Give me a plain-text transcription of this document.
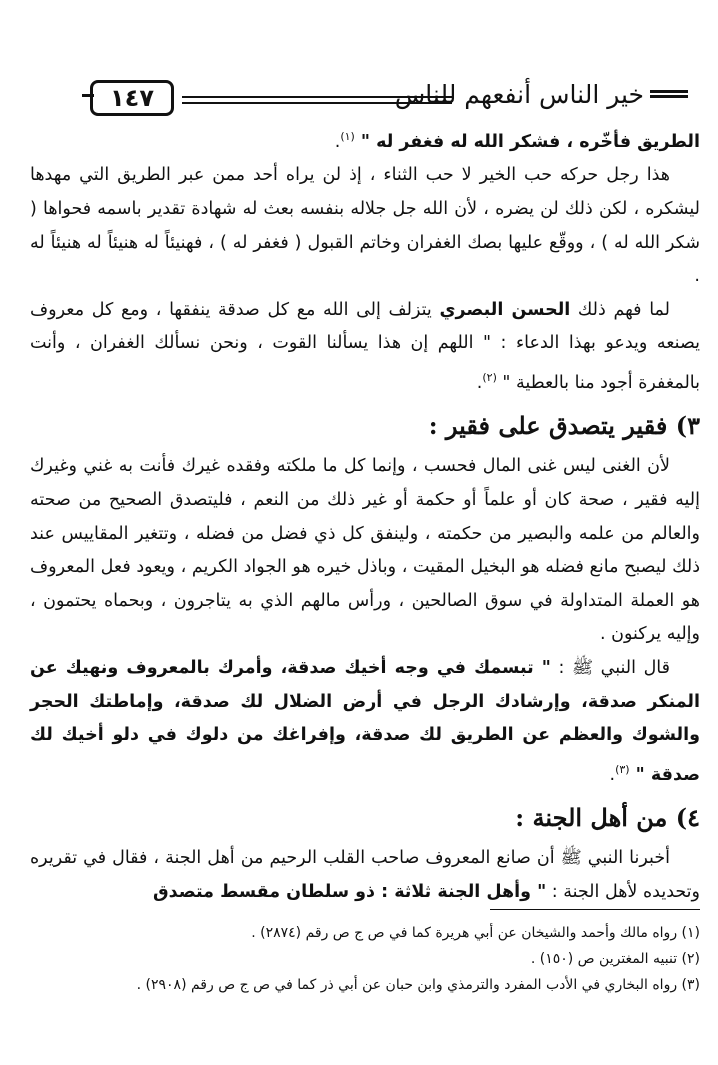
خير الناس أنفعهم للناس
١٤٧

الطريق فأخّره ، فشكر الله له فغفر له " $^{(١)}$.

هذا رجل حركه حب الخير لا حب الثناء ، إذ لن يراه أحد ممن عبر الطريق التي مهدها ليشكره ، لكن ذلك لن يضره ، لأن الله جل جلاله بنفسه بعث له شهادة تقدير باسمه فحواها ( شكر الله له ) ، ووقّع عليها بصك الغفران وخاتم القبول ( فغفر له ) ، فهنيئاً له هنيئاً له هنيئاً له .

لما فهم ذلك الحسن البصري يتزلف إلى الله مع كل صدقة ينفقها ، ومع كل معروف يصنعه ويدعو بهذا الدعاء : " اللهم إن هذا يسألنا القوت ، ونحن نسألك الغفران ، وأنت بالمغفرة أجود منا بالعطية " $^{(٢)}$.

٣) فقير يتصدق على فقير :

لأن الغنى ليس غنى المال فحسب ، وإنما كل ما ملكته وفقده غيرك فأنت به غني وغيرك إليه فقير ، صحة كان أو علماً أو حكمة أو غير ذلك من النعم ، فليتصدق الصحيح من صحته والعالم من علمه والبصير من حكمته ، ولينفق كل ذي فضل من فضله ، وتتغير المقاييس عند ذلك ليصبح مانع فضله هو البخيل المقيت ، وباذل خيره هو الجواد الكريم ، ويعود فعل المعروف هو العملة المتداولة في سوق الصالحين ، ورأس مالهم الذي به يتاجرون ، وبحماه يحتمون ، وإليه يركنون .

قال النبي ﷺ : " تبسمك في وجه أخيك صدقة، وأمرك بالمعروف ونهيك عن المنكر صدقة، وإرشادك الرجل في أرض الضلال لك صدقة، وإماطتك الحجر والشوك والعظم عن الطريق لك صدقة، وإفراغك من دلوك في دلو أخيك لك صدقة " $^{(٣)}$.

٤) من أهل الجنة :

أخبرنا النبي ﷺ أن صانع المعروف صاحب القلب الرحيم من أهل الجنة ، فقال في تقريره وتحديده لأهل الجنة : " وأهل الجنة ثلاثة : ذو سلطان مقسط متصدق

(١) رواه مالك وأحمد والشيخان عن أبي هريرة كما في ص ج ص رقم (٢٨٧٤) .

(٢) تنبيه المغترين ص (١٥٠) .

(٣) رواه البخاري في الأدب المفرد والترمذي وابن حبان عن أبي ذر كما في ص ج ص رقم (٢٩٠٨) .
